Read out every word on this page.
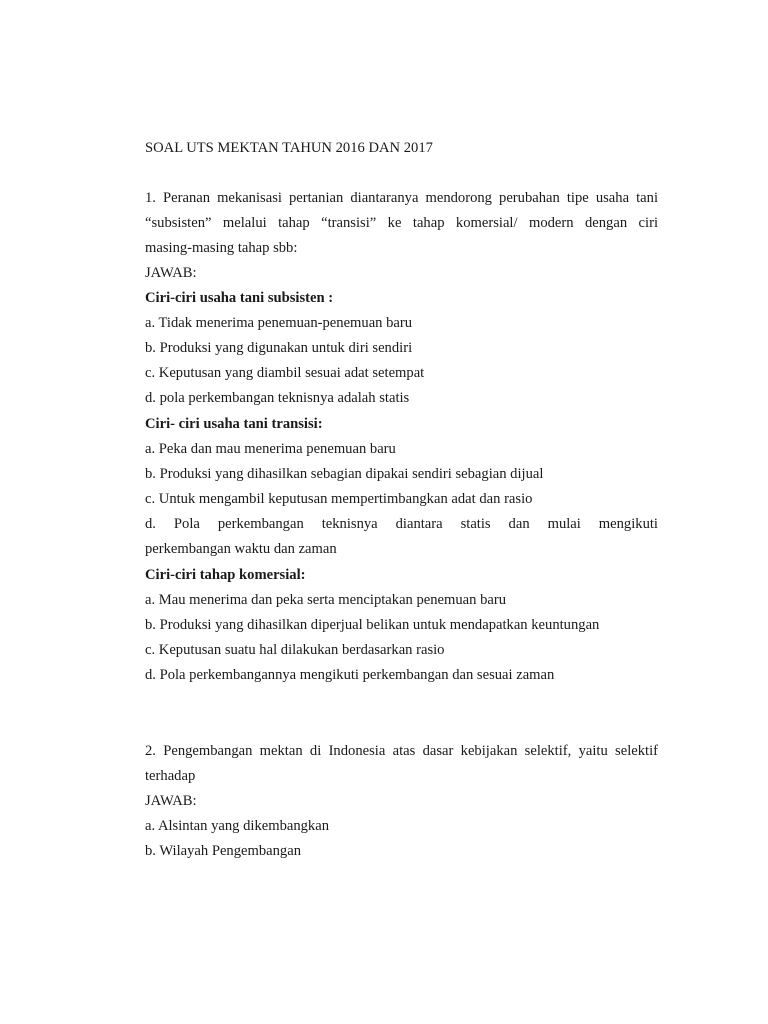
SOAL UTS MEKTAN TAHUN 2016 DAN 2017

1. Peranan mekanisasi pertanian diantaranya mendorong perubahan tipe usaha tani

“subsisten” melalui tahap “transisi” ke tahap komersial/ modern dengan ciri

masing-masing tahap sbb:

JAWAB:

Ciri-ciri usaha tani subsisten :

a. Tidak menerima penemuan-penemuan baru

b. Produksi yang digunakan untuk diri sendiri

c. Keputusan yang diambil sesuai adat setempat

d. pola perkembangan teknisnya adalah statis

Ciri- ciri usaha tani transisi:

a. Peka dan mau menerima penemuan baru

b. Produksi yang dihasilkan sebagian dipakai sendiri sebagian dijual

c. Untuk mengambil keputusan mempertimbangkan adat dan rasio

d. Pola perkembangan teknisnya diantara statis dan mulai mengikuti

perkembangan waktu dan zaman

Ciri-ciri tahap komersial:

a. Mau menerima dan peka serta menciptakan penemuan baru

b. Produksi yang dihasilkan diperjual belikan untuk mendapatkan keuntungan

c. Keputusan suatu hal dilakukan berdasarkan rasio

d. Pola perkembangannya mengikuti perkembangan dan sesuai zaman

2. Pengembangan mektan di Indonesia atas dasar kebijakan selektif, yaitu selektif

terhadap

JAWAB:

a. Alsintan yang dikembangkan

b. Wilayah Pengembangan
